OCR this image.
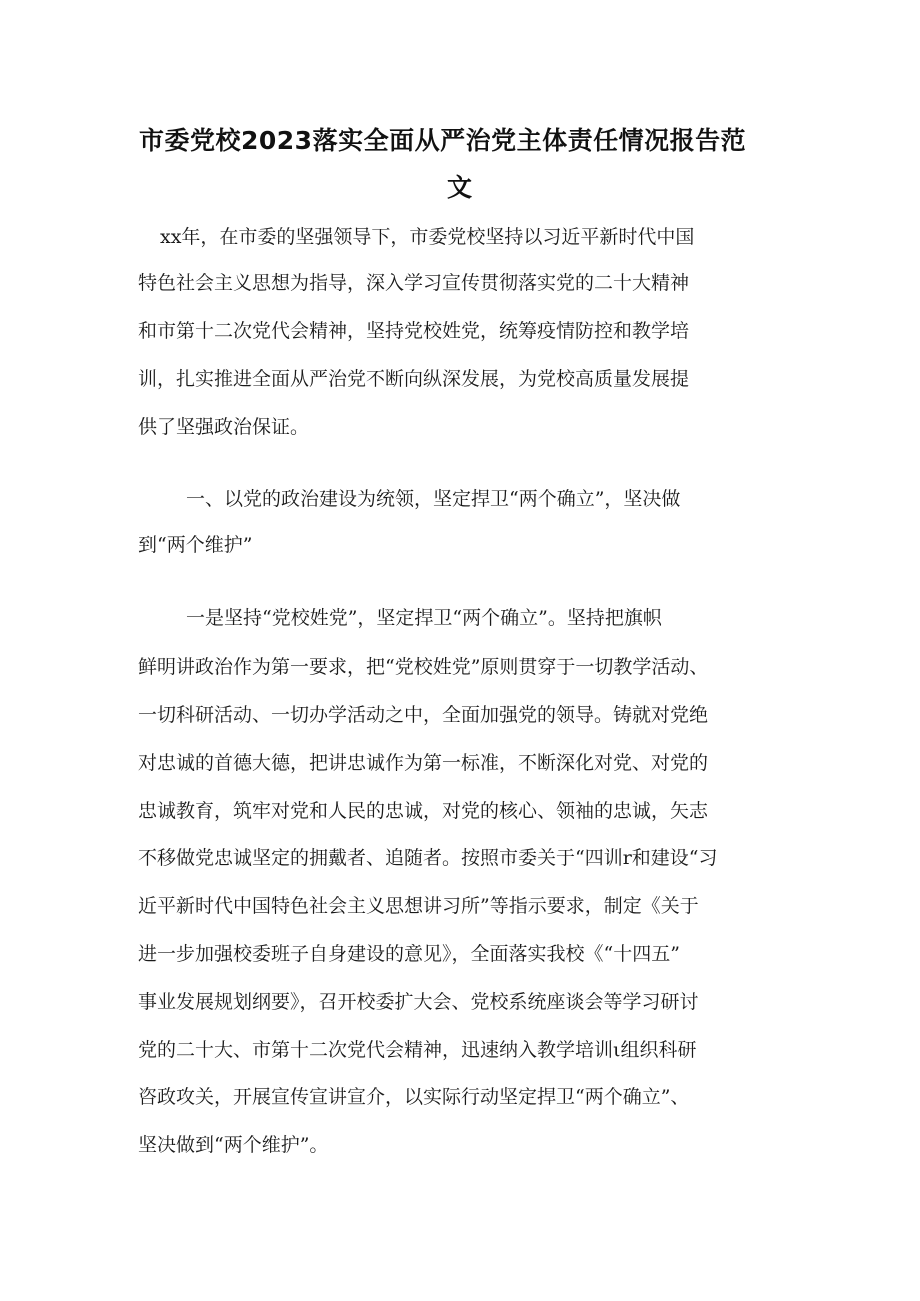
市委党校2023落实全面从严治党主体责任情况报告范
文
xx年，在市委的坚强领导下，市委党校坚持以习近平新时代中国
特色社会主义思想为指导，深入学习宣传贯彻落实党的二十大精神
和市第十二次党代会精神，坚持党校姓党，统筹疫情防控和教学培
训，扎实推进全面从严治党不断向纵深发展，为党校高质量发展提
供了坚强政治保证。
一、以党的政治建设为统领，坚定捍卫“两个确立”，坚决做
到“两个维护”
一是坚持“党校姓党”，坚定捍卫“两个确立”。坚持把旗帜
鲜明讲政治作为第一要求，把“党校姓党”原则贯穿于一切教学活动、
一切科研活动、一切办学活动之中，全面加强党的领导。铸就对党绝
对忠诚的首德大德，把讲忠诚作为第一标准，不断深化对党、对党的
忠诚教育，筑牢对党和人民的忠诚，对党的核心、领袖的忠诚，矢志
不移做党忠诚坚定的拥戴者、追随者。按照市委关于“四训r和建设“习
近平新时代中国特色社会主义思想讲习所”等指示要求，制定《关于
进一步加强校委班子自身建设的意见》，全面落实我校《“十四五”
事业发展规划纲要》，召开校委扩大会、党校系统座谈会等学习研讨
党的二十大、市第十二次党代会精神，迅速纳入教学培训ι组织科研
咨政攻关，开展宣传宣讲宣介，以实际行动坚定捍卫“两个确立”、
坚决做到“两个维护”。
